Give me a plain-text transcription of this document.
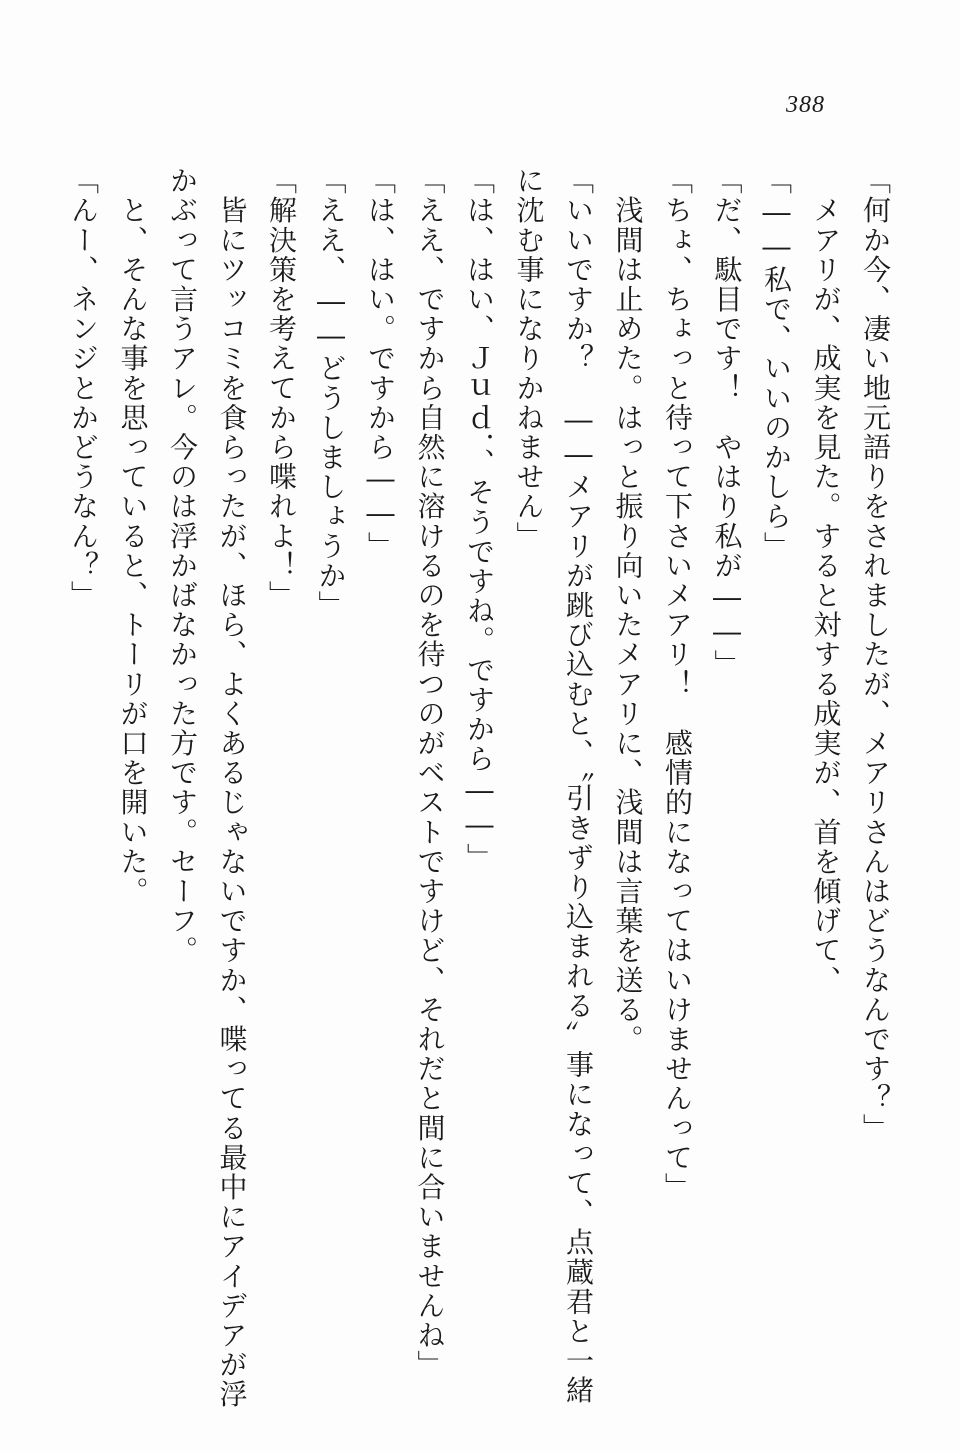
388
「何か今、凄い地元語りをされましたが、メアリさんはどうなんです？」
　メアリが、成実を見た。すると対する成実が、首を傾げて、
「――私で、いいのかしら」
「だ、駄目です！　やはり私が――」
「ちょ、ちょっと待って下さいメアリ！　感情的になってはいけませんって」
　浅間は止めた。はっと振り向いたメアリに、浅間は言葉を送る。
「いいですか？　――メアリが跳び込むと、〝引きずり込まれる〟事になって、点蔵君と一緒
に沈む事になりかねません」
「は、はい、Ｊｕｄ．、そうですね。ですから――」
「ええ、ですから自然に溶けるのを待つのがベストですけど、それだと間に合いませんね」
「は、はい。ですから――」
「ええ、――どうしましょうか」
「解決策を考えてから喋れよ！」
　皆にツッコミを食らったが、ほら、よくあるじゃないですか、喋ってる最中にアイデアが浮
かぶって言うアレ。今のは浮かばなかった方です。セーフ。
　と、そんな事を思っていると、トーリが口を開いた。
「んー、ネンジとかどうなん？」
